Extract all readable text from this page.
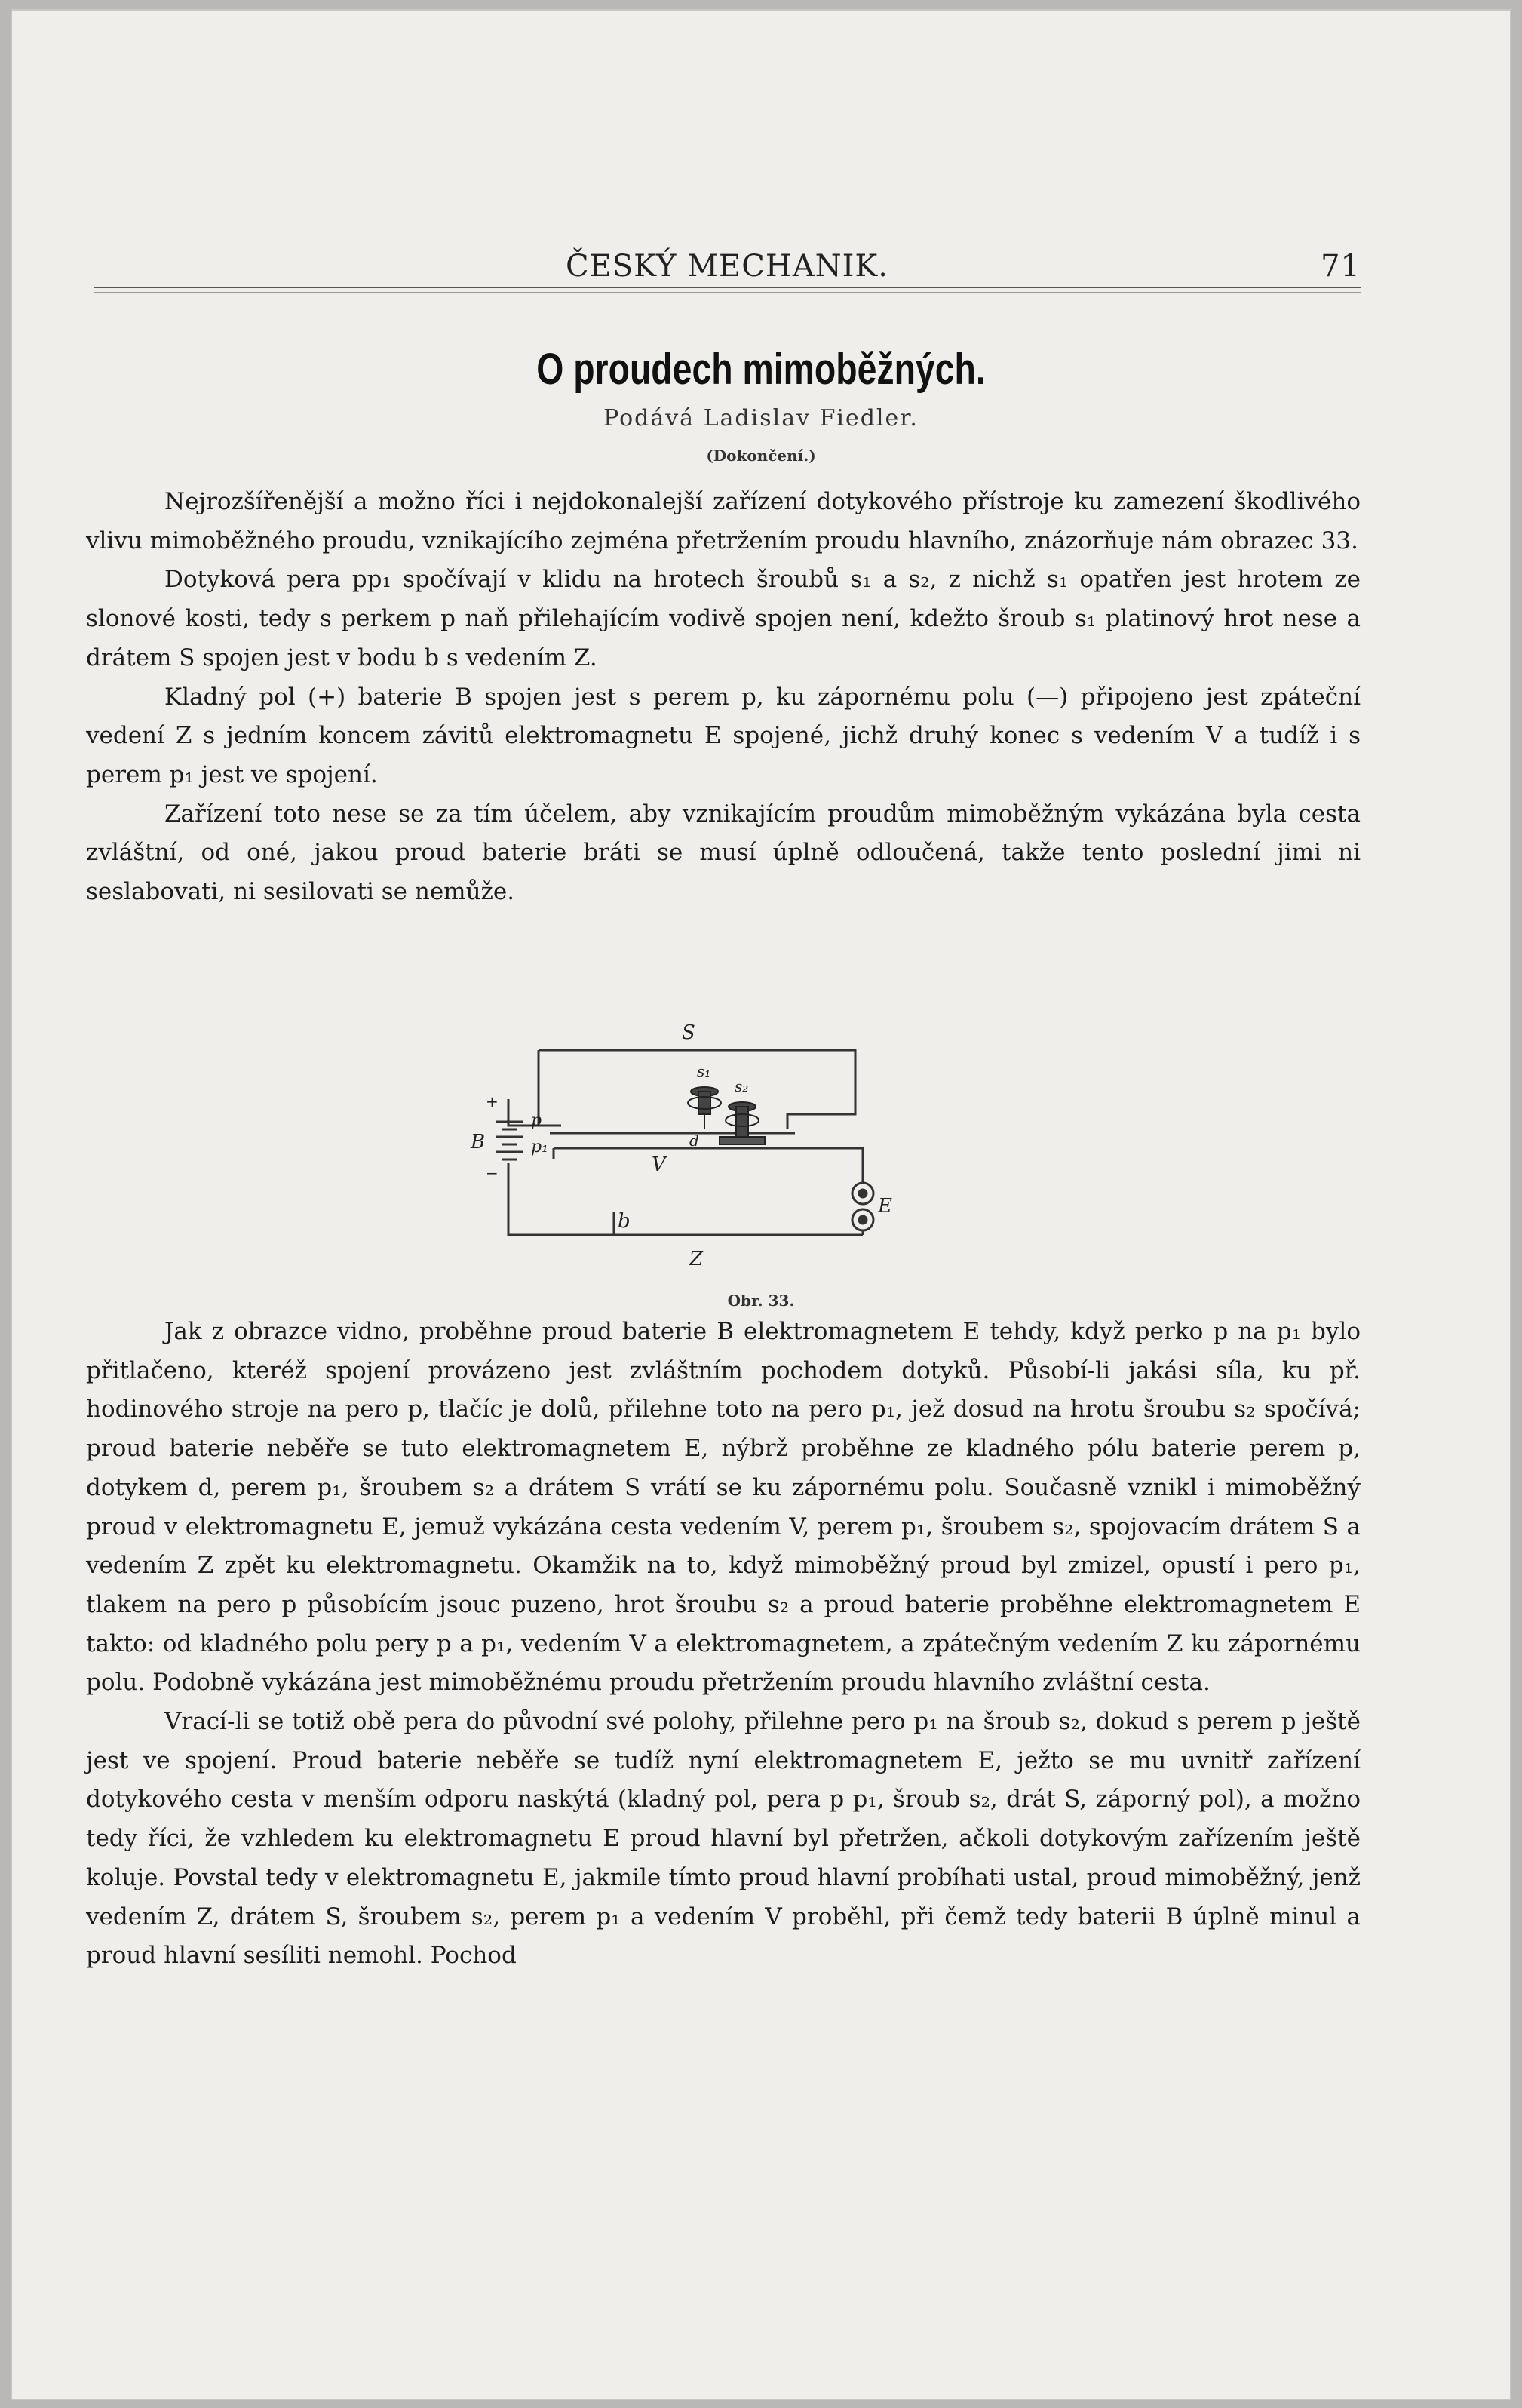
ČESKÝ MECHANIK.	71
O proudech mimoběžných.
Podává Ladislav Fiedler.
(Dokončení.)

Nejrozšířenější a možno říci i nejdokonalejší zařízení dotykového přístroje ku zamezení škodlivého vlivu mimoběžného proudu, vznikajícího zejména přetržením proudu hlavního, znázorňuje nám obrazec 33.

Dotyková pera pp₁ spočívají v klidu na hrotech šroubů s₁ a s₂, z nichž s₁ opatřen jest hrotem ze slonové kosti, tedy s perkem p naň přilehajícím vodivě spojen není, kdežto šroub s₁ platinový hrot nese a drátem S spojen jest v bodu b s vedením Z.

Kladný pol (+) baterie B spojen jest s perem p, ku zápornému polu (—) připojeno jest zpáteční vedení Z s jedním koncem závitů elektromagnetu E spojené, jichž druhý konec s vedením V a tudíž i s perem p₁ jest ve spojení.

Zařízení toto nese se za tím účelem, aby vznikajícím proudům mimoběžným vykázána byla cesta zvláštní, od oné, jakou proud baterie bráti se musí úplně odloučená, takže tento poslední jimi ni seslabovati, ni sesilovati se nemůže.

S
s₁
s₂
p
p₁	d
V
B
E
b
Z
+
−
Obr. 33.

Jak z obrazce vidno, proběhne proud baterie B elektromagnetem E tehdy, když perko p na p₁ bylo přitlačeno, kteréž spojení provázeno jest zvláštním pochodem dotyků. Působí-li jakási síla, ku př. hodinového stroje na pero p, tlačíc je dolů, přilehne toto na pero p₁, jež dosud na hrotu šroubu s₂ spočívá; proud baterie neběře se tuto elektromagnetem E, nýbrž proběhne ze kladného pólu baterie perem p, dotykem d, perem p₁, šroubem s₂ a drátem S vrátí se ku zápornému polu. Současně vznikl i mimoběžný proud v elektromagnetu E, jemuž vykázána cesta vedením V, perem p₁, šroubem s₂, spojovacím drátem S a vedením Z zpět ku elektromagnetu. Okamžik na to, když mimoběžný proud byl zmizel, opustí i pero p₁, tlakem na pero p působícím jsouc puzeno, hrot šroubu s₂ a proud baterie proběhne elektromagnetem E takto: od kladného polu pery p a p₁, vedením V a elektromagnetem, a zpátečným vedením Z ku zápornému polu. Podobně vykázána jest mimoběžnému proudu přetržením proudu hlavního zvláštní cesta.

Vrací-li se totiž obě pera do původní své polohy, přilehne pero p₁ na šroub s₂, dokud s perem p ještě jest ve spojení. Proud baterie neběře se tudíž nyní elektromagnetem E, ježto se mu uvnitř zařízení dotykového cesta v menším odporu naskýtá (kladný pol, pera p p₁, šroub s₂, drát S, záporný pol), a možno tedy říci, že vzhledem ku elektromagnetu E proud hlavní byl přetržen, ačkoli dotykovým zařízením ještě koluje. Povstal tedy v elektromagnetu E, jakmile tímto proud hlavní probíhati ustal, proud mimoběžný, jenž vedením Z, drátem S, šroubem s₂, perem p₁ a vedením V proběhl, při čemž tedy baterii B úplně minul a proud hlavní sesíliti nemohl. Pochod
